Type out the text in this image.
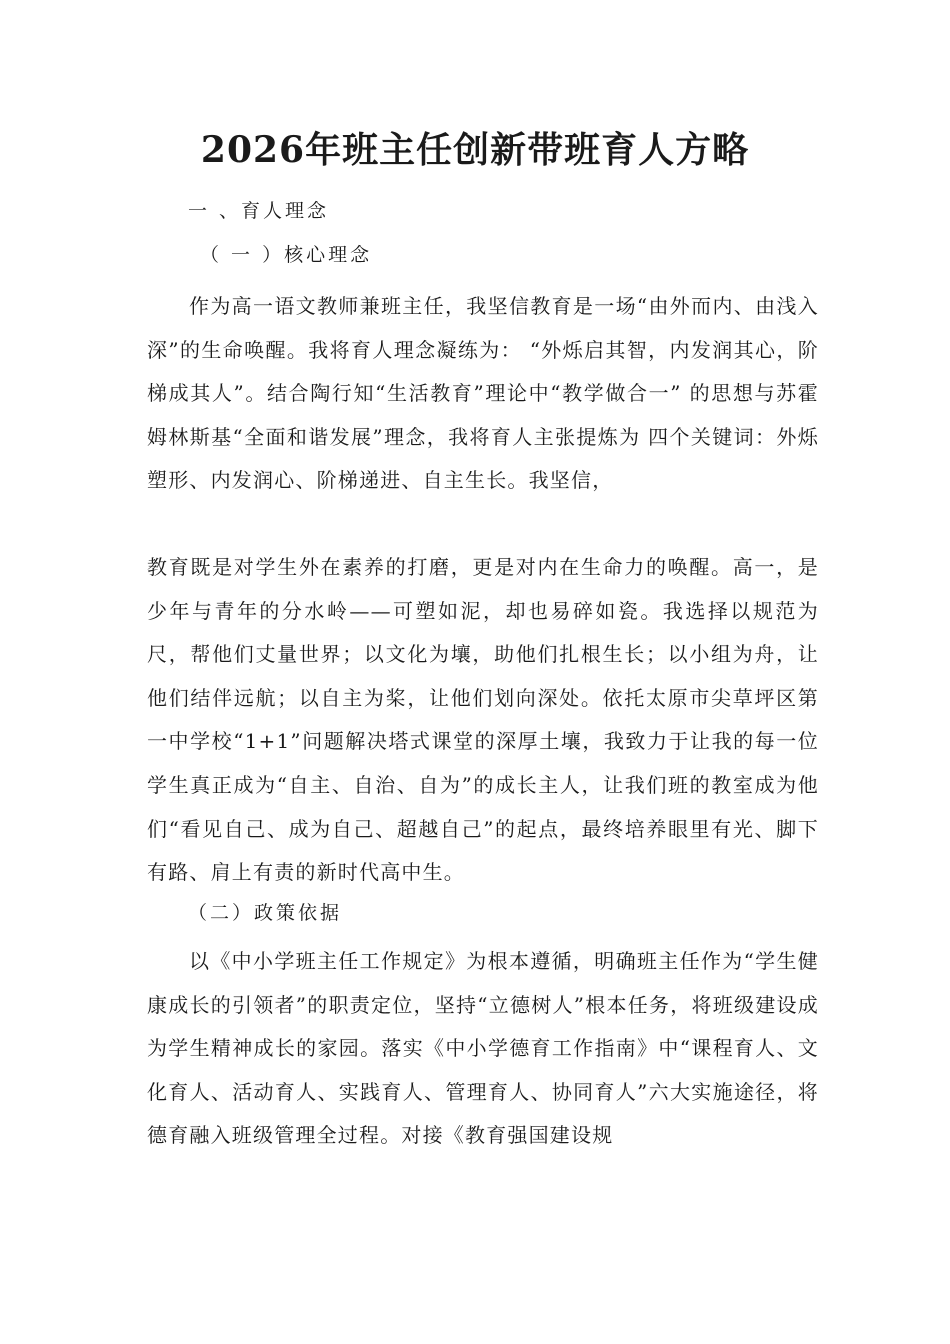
2026年班主任创新带班育人方略
一 、育人理念
（ 一 ）核心理念

作为高一语文教师兼班主任，我坚信教育是一场“由外而内、由浅入深”的生命唤醒。我将育人理念凝练为： “外烁启其智，内发润其心，阶梯成其人”。结合陶行知“生活教育”理论中“教学做合一” 的思想与苏霍姆林斯基“全面和谐发展”理念，我将育人主张提炼为 四个关键词：外烁塑形、内发润心、阶梯递进、自主生长。我坚信，

教育既是对学生外在素养的打磨，更是对内在生命力的唤醒。高一，是少年与青年的分水岭——可塑如泥，却也易碎如瓷。我选择以规范为尺，帮他们丈量世界；以文化为壤，助他们扎根生长；以小组为舟，让他们结伴远航；以自主为桨，让他们划向深处。依托太原市尖草坪区第一中学校“1+1”问题解决塔式课堂的深厚土壤，我致力于让我的每一位学生真正成为“自主、自治、自为”的成长主人，让我们班的教室成为他们“看见自己、成为自己、超越自己”的起点，最终培养眼里有光、脚下有路、肩上有责的新时代高中生。

（二）政策依据

以《中小学班主任工作规定》为根本遵循，明确班主任作为“学生健康成长的引领者”的职责定位，坚持“立德树人”根本任务，将班级建设成为学生精神成长的家园。落实《中小学德育工作指南》中“课程育人、文化育人、活动育人、实践育人、管理育人、协同育人”六大实施途径，将德育融入班级管理全过程。对接《教育强国建设规
